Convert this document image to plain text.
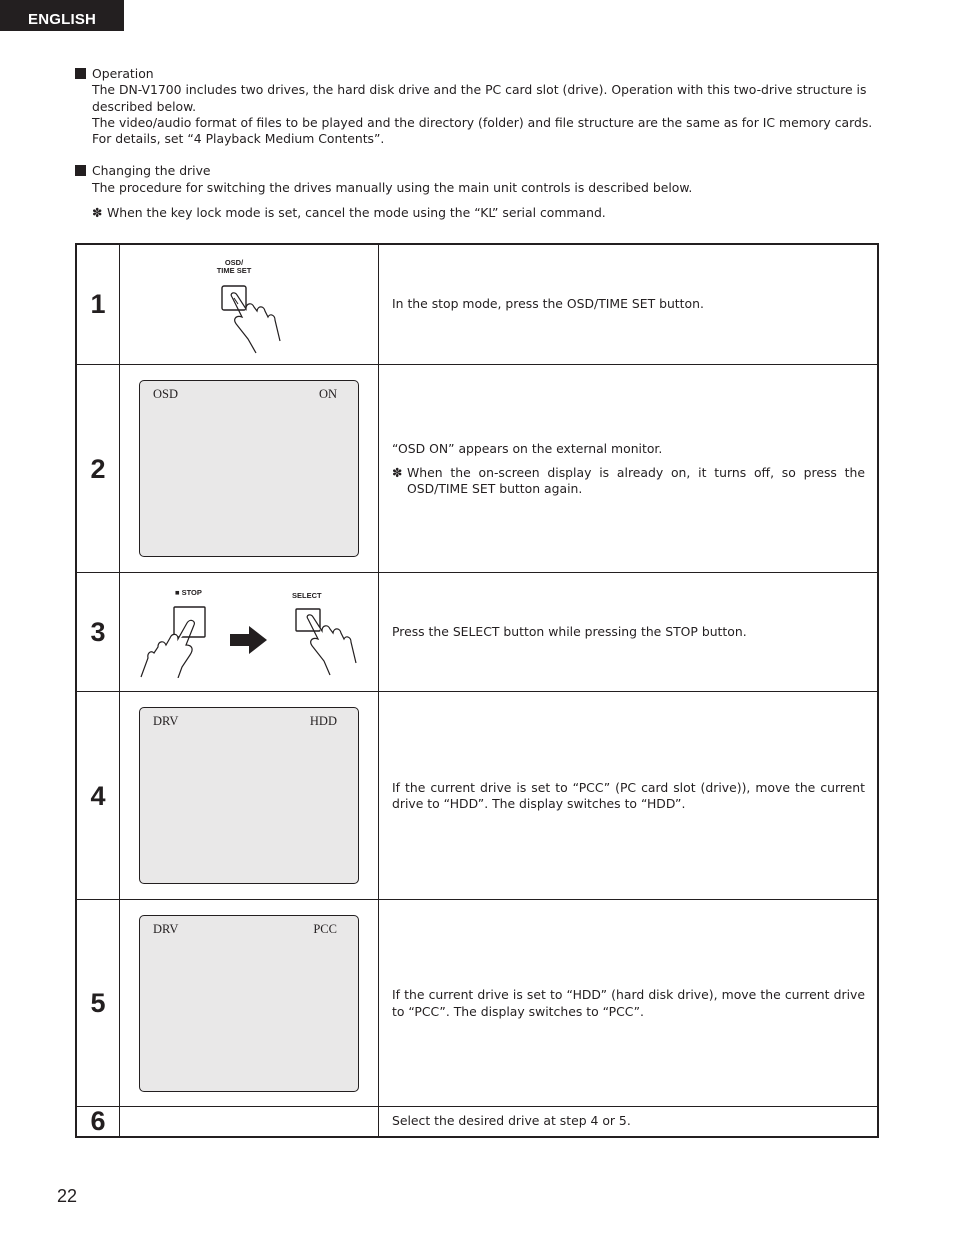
ENGLISH
Operation
The DN-V1700 includes two drives, the hard disk drive and the PC card slot (drive). Operation with this two-drive structure is described below.
The video/audio format of files to be played and the directory (folder) and file structure are the same as for IC memory cards. For details, set “4 Playback Medium Contents”.
Changing the drive
The procedure for switching the drives manually using the main unit controls is described below.
✽ When the key lock mode is set, cancel the mode using the “KL” serial command.
1
OSD/
TIME SET
In the stop mode, press the OSD/TIME SET button.
2
OSD	ON
“OSD ON” appears on the external monitor.
✽ When the on-screen display is already on, it turns off, so press the OSD/TIME SET button again.
3
■ STOP	SELECT
Press the SELECT button while pressing the STOP button.
4
DRV	HDD
If the current drive is set to “PCC” (PC card slot (drive)), move the current drive to “HDD”. The display switches to “HDD”.
5
DRV	PCC
If the current drive is set to “HDD” (hard disk drive), move the current drive to “PCC”. The display switches to “PCC”.
6	Select the desired drive at step 4 or 5.
22
